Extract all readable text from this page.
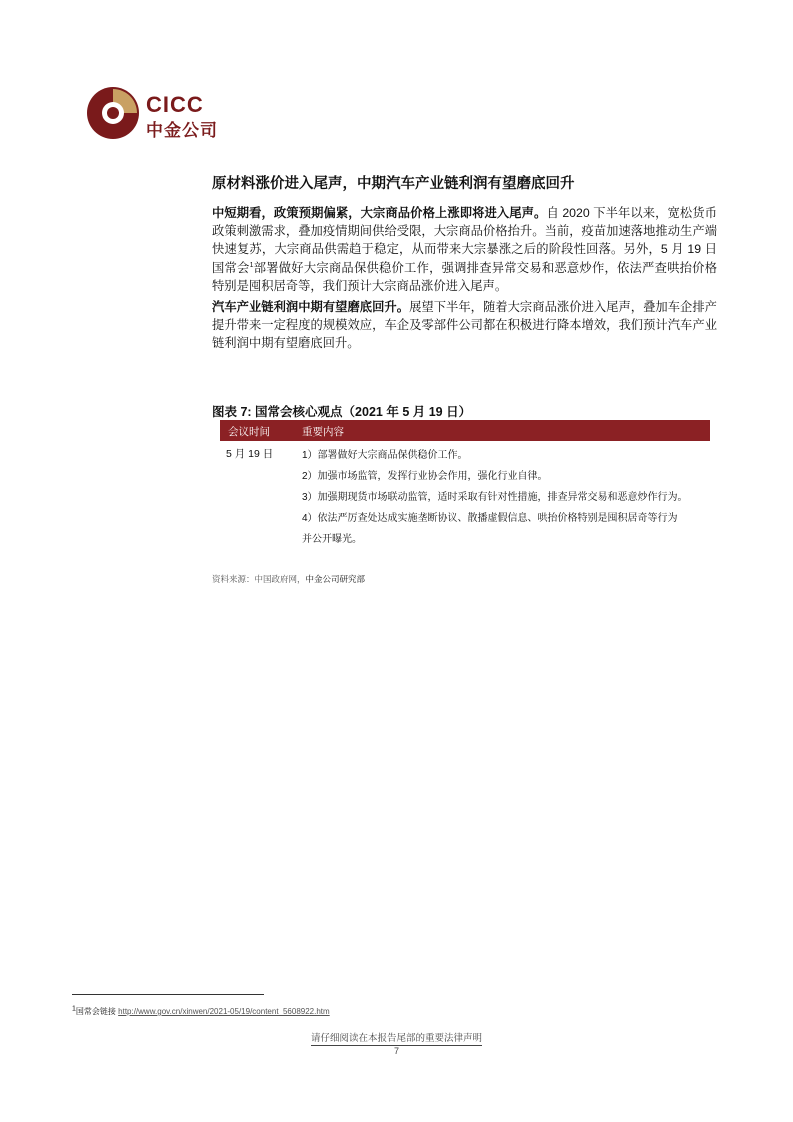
CICC
中金公司
原材料涨价进入尾声，中期汽车产业链利润有望磨底回升
中短期看，政策预期偏紧，大宗商品价格上涨即将进入尾声。自 2020 下半年以来，宽松货币政策刺激需求，叠加疫情期间供给受限，大宗商品价格抬升。当前，疫苗加速落地推动生产端快速复苏，大宗商品供需趋于稳定，从而带来大宗暴涨之后的阶段性回落。另外，5 月 19 日国常会$^1$部署做好大宗商品保供稳价工作，强调排查异常交易和恶意炒作，依法严查哄抬价格特别是囤积居奇等，我们预计大宗商品涨价进入尾声。
汽车产业链利润中期有望磨底回升。展望下半年，随着大宗商品涨价进入尾声，叠加车企排产提升带来一定程度的规模效应，车企及零部件公司都在积极进行降本增效，我们预计汽车产业链利润中期有望磨底回升。
图表 7: 国常会核心观点（2021 年 5 月 19 日）
会议时间	重要内容
5 月 19 日	1）部署做好大宗商品保供稳价工作。
2）加强市场监管，发挥行业协会作用，强化行业自律。
3）加强期现货市场联动监管，适时采取有针对性措施，排查异常交易和恶意炒作行为。
4）依法严厉查处达成实施垄断协议、散播虚假信息、哄抬价格特别是囤积居奇等行为
并公开曝光。
资料来源：中国政府网，中金公司研究部
$^1$国常会链接 http://www.gov.cn/xinwen/2021-05/19/content_5608922.htm
请仔细阅读在本报告尾部的重要法律声明
7
